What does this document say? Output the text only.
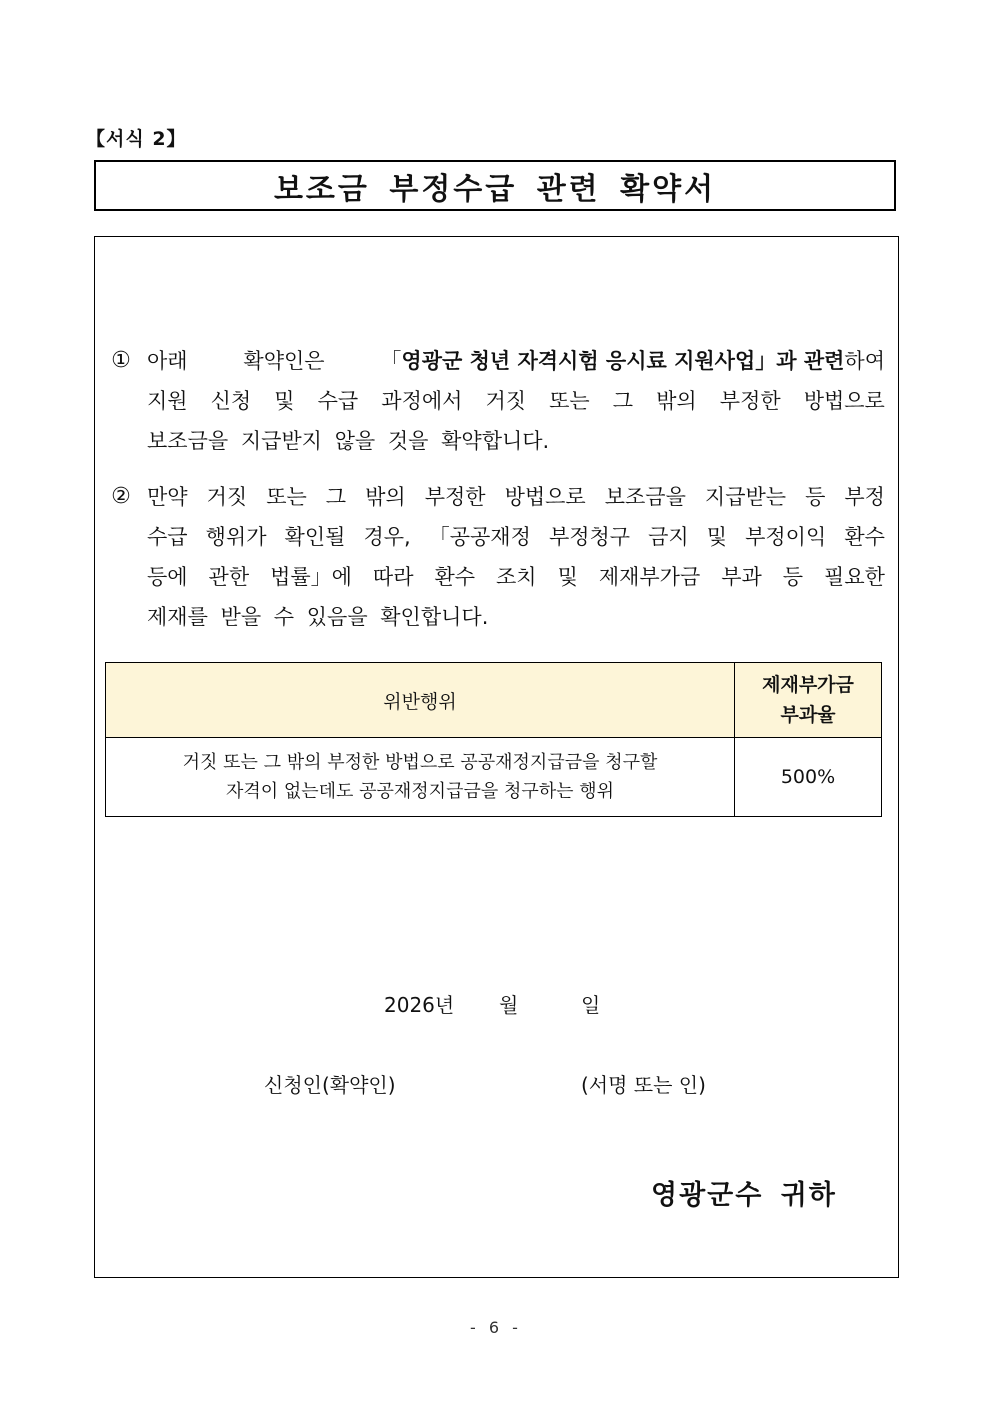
【서식 2】
보조금 부정수급 관련 확약서
① 아래	확약인은	「영광군 청년 자격시험 응시료 지원사업」과 관련하여
지원 신청 및 수급 과정에서 거짓 또는 그 밖의 부정한 방법으로
보조금을 지급받지 않을 것을 확약합니다.
② 만약 거짓 또는 그 밖의 부정한 방법으로 보조금을 지급받는 등 부정
수급 행위가 확인될 경우, 「공공재정 부정청구 금지 및 부정이익 환수
등에 관한 법률」에 따라 환수 조치 및 제재부가금 부과 등 필요한
제재를 받을 수 있음을 확인합니다.
위반행위	제재부가금
부과율

거짓 또는 그 밖의 부정한 방법으로 공공재정지급금을 청구할
자격이 없는데도 공공재정지급금을 청구하는 행위	500%
2026년 월	일
신청인(확약인)	(서명 또는 인)
영광군수 귀하
- 6 -
